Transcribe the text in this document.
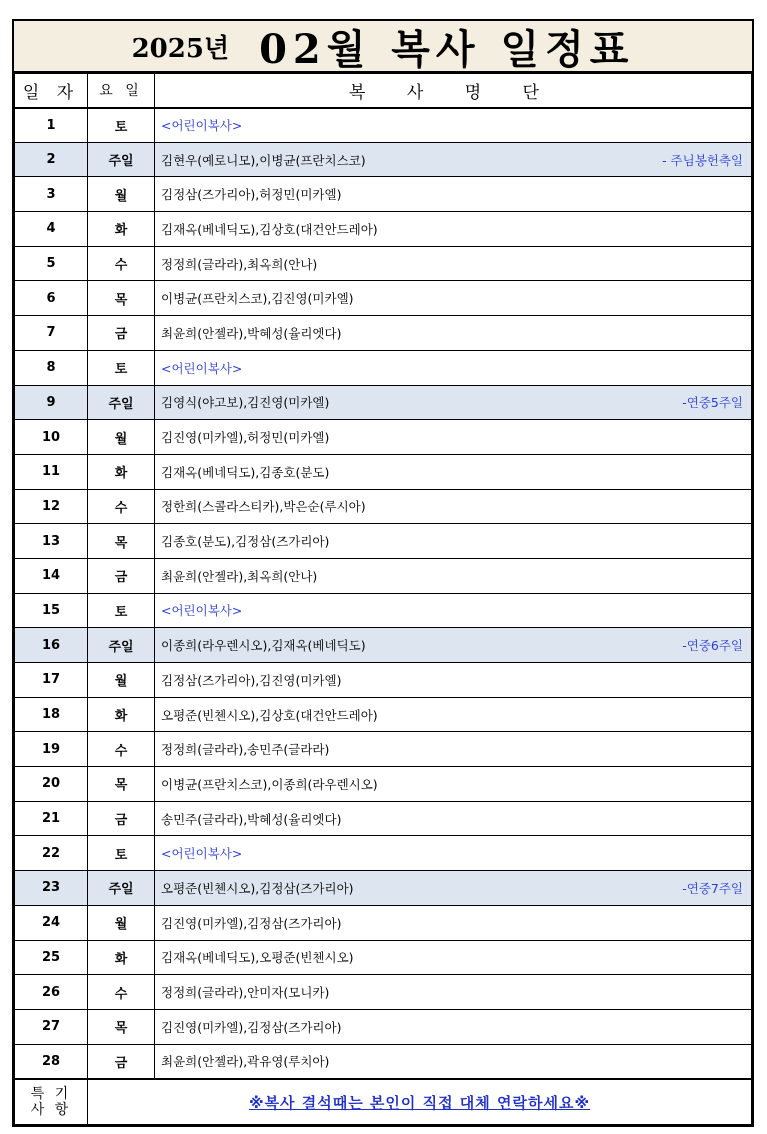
2025년 02월 복사 일정표
일 자	요 일	복 사 명 단
1	토	<어린이복사>
2	주일	김현우(예로니모),이병균(프란치스코) - 주님봉헌축일

3	월	김정삼(즈가리아),허정민(미카엘)
4	화	김재옥(베네딕도),김상호(대건안드레아)
5	수	정정희(글라라),최옥희(안나)
6	목	이병균(프란치스코),김진영(미카엘)
7	금	최윤희(안젤라),박혜성(율리엣다)
8	토	<어린이복사>
9	주일	김영식(야고보),김진영(미카엘) -연중5주일

10	월	김진영(미카엘),허정민(미카엘)
11	화	김재옥(베네딕도),김종호(분도)
12	수	정한희(스콜라스티카),박은순(루시아)
13	목	김종호(분도),김정삼(즈가리아)
14	금	최윤희(안젤라),최옥희(안나)
15	토	<어린이복사>
16	주일	이종희(라우렌시오),김재옥(베네딕도) -연중6주일

17	월	김정삼(즈가리아),김진영(미카엘)
18	화	오평준(빈첸시오),김상호(대건안드레아)
19	수	정정희(글라라),송민주(글라라)
20	목	이병균(프란치스코),이종희(라우렌시오)
21	금	송민주(글라라),박혜성(율리엣다)
22	토	<어린이복사>
23	주일	오평준(빈첸시오),김정삼(즈가리아) -연중7주일

24	월	김진영(미카엘),김정삼(즈가리아)
25	화	김재옥(베네딕도),오평준(빈첸시오)
26	수	정정희(글라라),안미자(모니카)
27	목	김진영(미카엘),김정삼(즈가리아)
28	금	최윤희(안젤라),곽유영(루치아)

특 기
사 항	※복사 결석때는 본인이 직접 대체 연락하세요※	
